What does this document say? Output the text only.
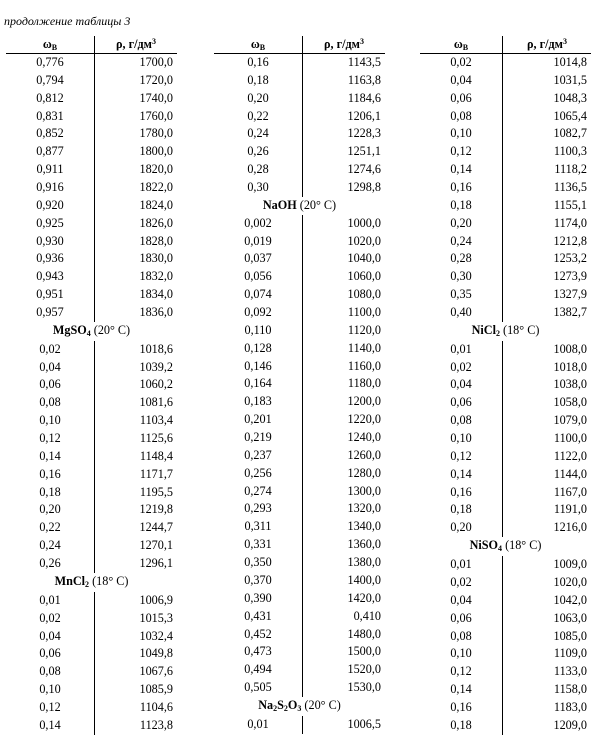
продолжение таблицы 3
ωВ	ρ, $г/дм^3$
0,776	1700,0
0,794	1720,0
0,812	1740,0
0,831	1760,0
0,852	1780,0
0,877	1800,0
0,911	1820,0
0,916	1822,0
0,920	1824,0
0,925	1826,0
0,930	1828,0
0,936	1830,0
0,943	1832,0
0,951	1834,0
0,957	1836,0
MgSO4 (20° С)	
0,02	1018,6
0,04	1039,2
0,06	1060,2
0,08	1081,6
0,10	1103,4
0,12	1125,6
0,14	1148,4
0,16	1171,7
0,18	1195,5
0,20	1219,8
0,22	1244,7
0,24	1270,1
0,26	1296,1
MnCl2 (18° С)	
0,01	1006,9
0,02	1015,3
0,04	1032,4
0,06	1049,8
0,08	1067,6
0,10	1085,9
0,12	1104,6
0,14	1123,8
ωВ	ρ, $г/дм^3$
0,16	1143,5
0,18	1163,8
0,20	1184,6
0,22	1206,1
0,24	1228,3
0,26	1251,1
0,28	1274,6
0,30	1298,8
NaOH (20° С)	
0,002	1000,0
0,019	1020,0
0,037	1040,0
0,056	1060,0
0,074	1080,0
0,092	1100,0
0,110	1120,0
0,128	1140,0
0,146	1160,0
0,164	1180,0
0,183	1200,0
0,201	1220,0
0,219	1240,0
0,237	1260,0
0,256	1280,0
0,274	1300,0
0,293	1320,0
0,311	1340,0
0,331	1360,0
0,350	1380,0
0,370	1400,0
0,390	1420,0
0,431	0,410
0,452	1480,0
0,473	1500,0
0,494	1520,0
0,505	1530,0
Na2S2O3 (20° С)	
0,01	1006,5
ωВ	ρ, $г/дм^3$
0,02	1014,8
0,04	1031,5
0,06	1048,3
0,08	1065,4
0,10	1082,7
0,12	1100,3
0,14	1118,2
0,16	1136,5
0,18	1155,1
0,20	1174,0
0,24	1212,8
0,28	1253,2
0,30	1273,9
0,35	1327,9
0,40	1382,7
NiCl2 (18° С)	
0,01	1008,0
0,02	1018,0
0,04	1038,0
0,06	1058,0
0,08	1079,0
0,10	1100,0
0,12	1122,0
0,14	1144,0
0,16	1167,0
0,18	1191,0
0,20	1216,0
NiSO4 (18° С)	
0,01	1009,0
0,02	1020,0
0,04	1042,0
0,06	1063,0
0,08	1085,0
0,10	1109,0
0,12	1133,0
0,14	1158,0
0,16	1183,0
0,18	1209,0
